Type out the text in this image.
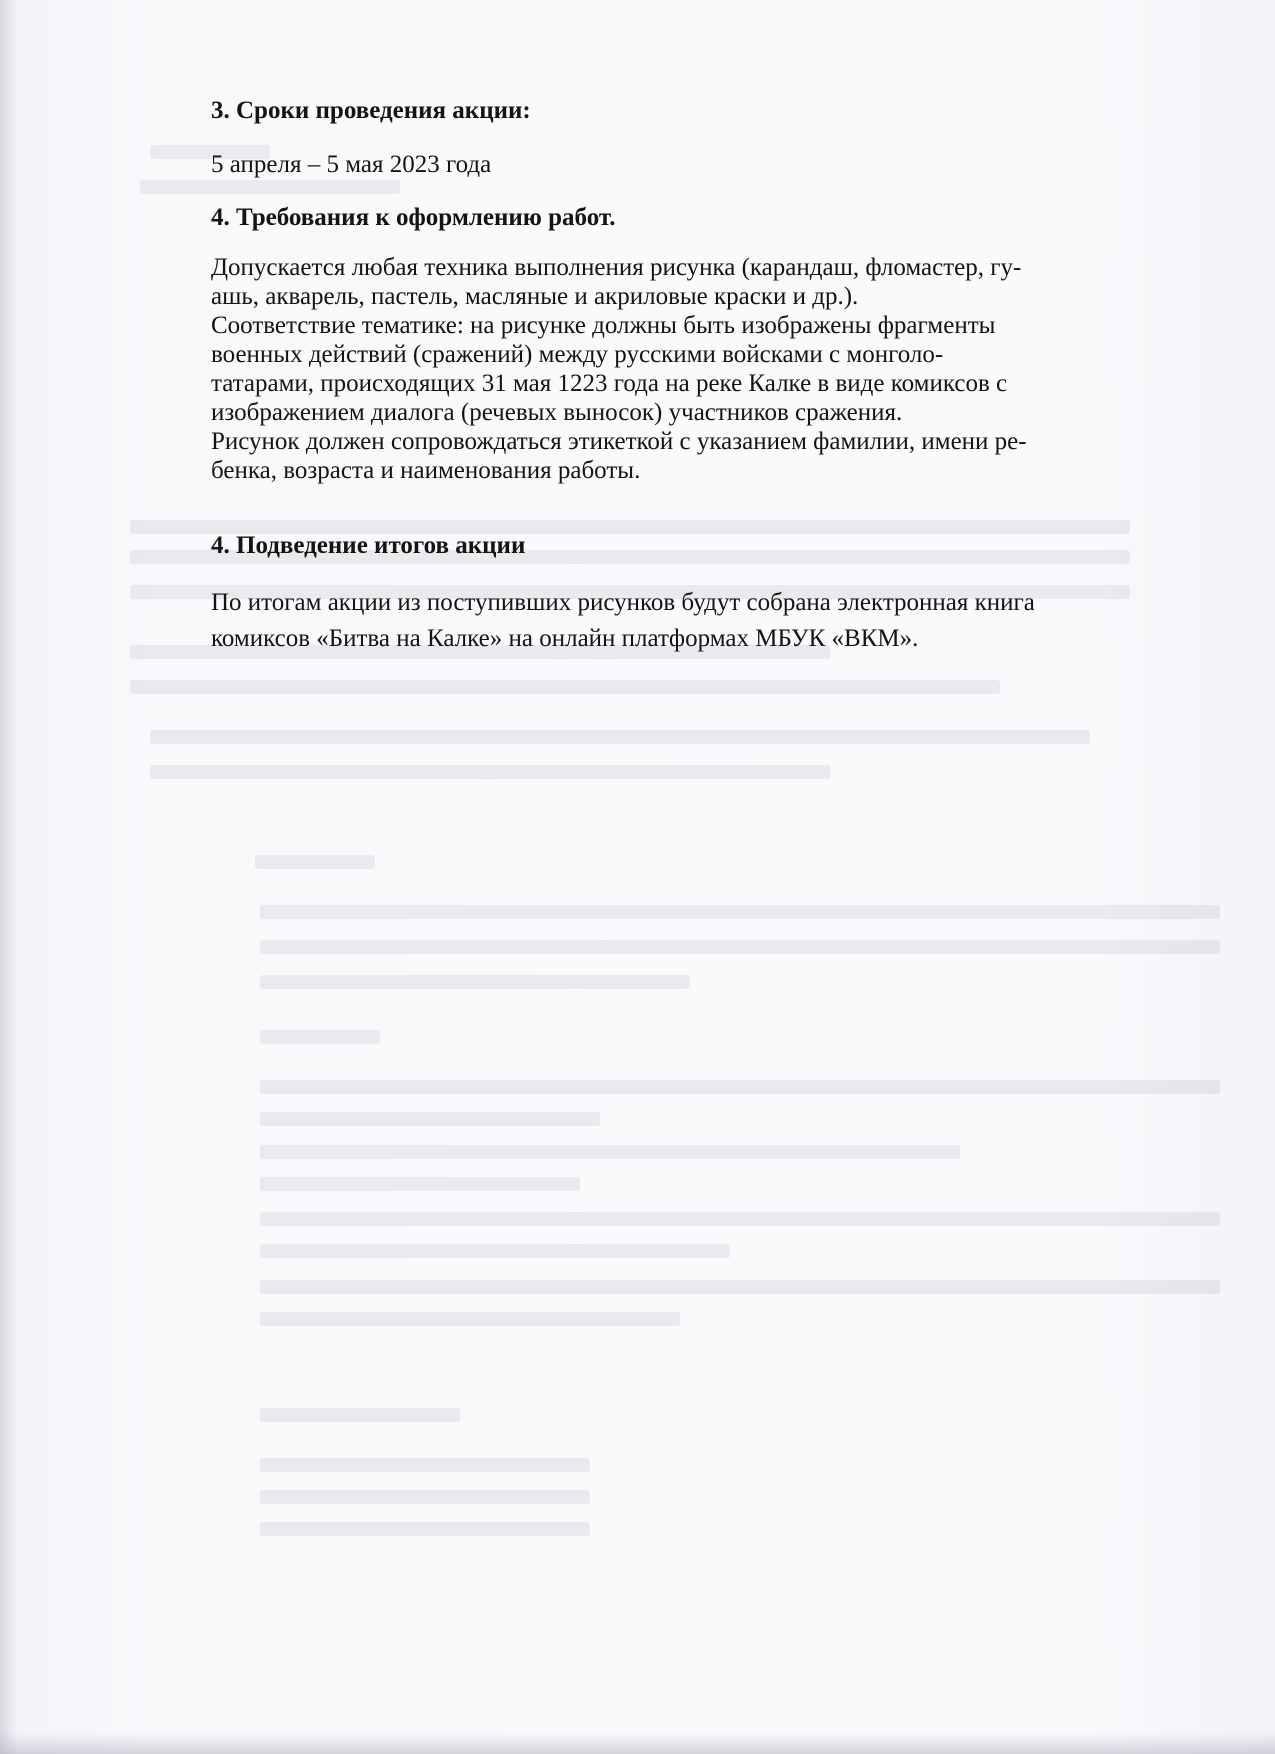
3. Сроки проведения акции:

5 апреля – 5 мая 2023 года

4. Требования к оформлению работ.

Допускается любая техника выполнения рисунка (карандаш, фломастер, гу-
ашь, акварель, пастель, масляные и акриловые краски и др.).
Соответствие тематике: на рисунке должны быть изображены фрагменты
военных действий (сражений) между русскими войсками с монголо-
татарами, происходящих 31 мая 1223 года на реке Калке в виде комиксов с
изображением диалога (речевых выносок) участников сражения.
Рисунок должен сопровождаться этикеткой с указанием фамилии, имени ре-
бенка, возраста и наименования работы.

4. Подведение итогов акции

По итогам акции из поступивших рисунков будут собрана электронная книга
комиксов «Битва на Калке» на онлайн платформах МБУК «ВКМ».
